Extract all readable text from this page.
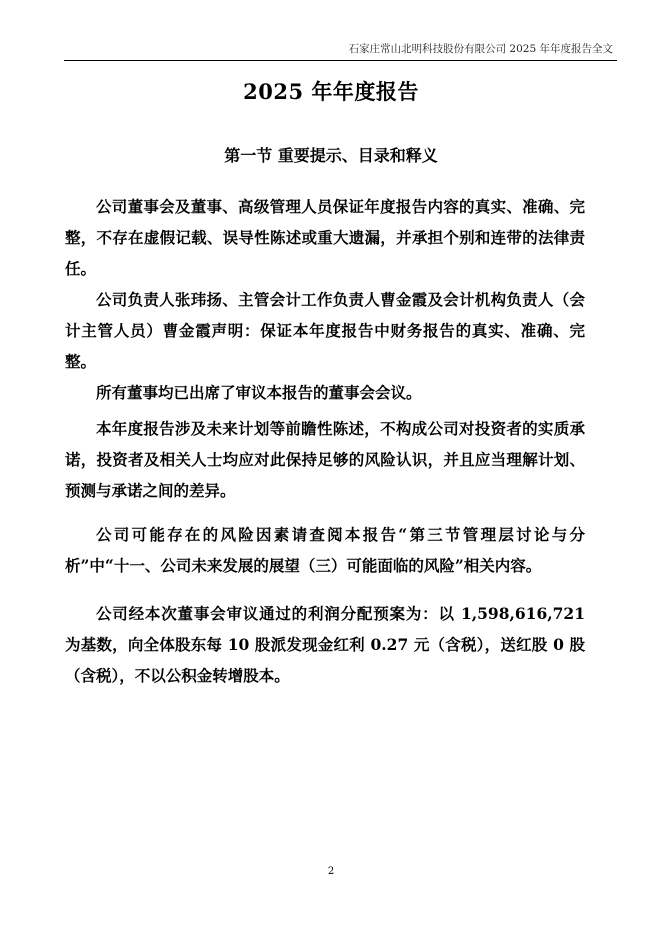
石家庄常山北明科技股份有限公司 2025 年年度报告全文
2025 年年度报告
第一节 重要提示、目录和释义

公司董事会及董事、高级管理人员保证年度报告内容的真实、准确、完整，不存在虚假记载、误导性陈述或重大遗漏，并承担个别和连带的法律责任。

公司负责人张玮扬、主管会计工作负责人曹金霞及会计机构负责人（会计主管人员）曹金霞声明：保证本年度报告中财务报告的真实、准确、完整。

所有董事均已出席了审议本报告的董事会会议。

本年度报告涉及未来计划等前瞻性陈述，不构成公司对投资者的实质承诺，投资者及相关人士均应对此保持足够的风险认识，并且应当理解计划、预测与承诺之间的差异。

公司可能存在的风险因素请查阅本报告“第三节管理层讨论与分析”中“十一、公司未来发展的展望（三）可能面临的风险”相关内容。

公司经本次董事会审议通过的利润分配预案为：以 1,598,616,721 为基数，向全体股东每 10 股派发现金红利 0.27 元（含税），送红股 0 股（含税），不以公积金转增股本。

2
